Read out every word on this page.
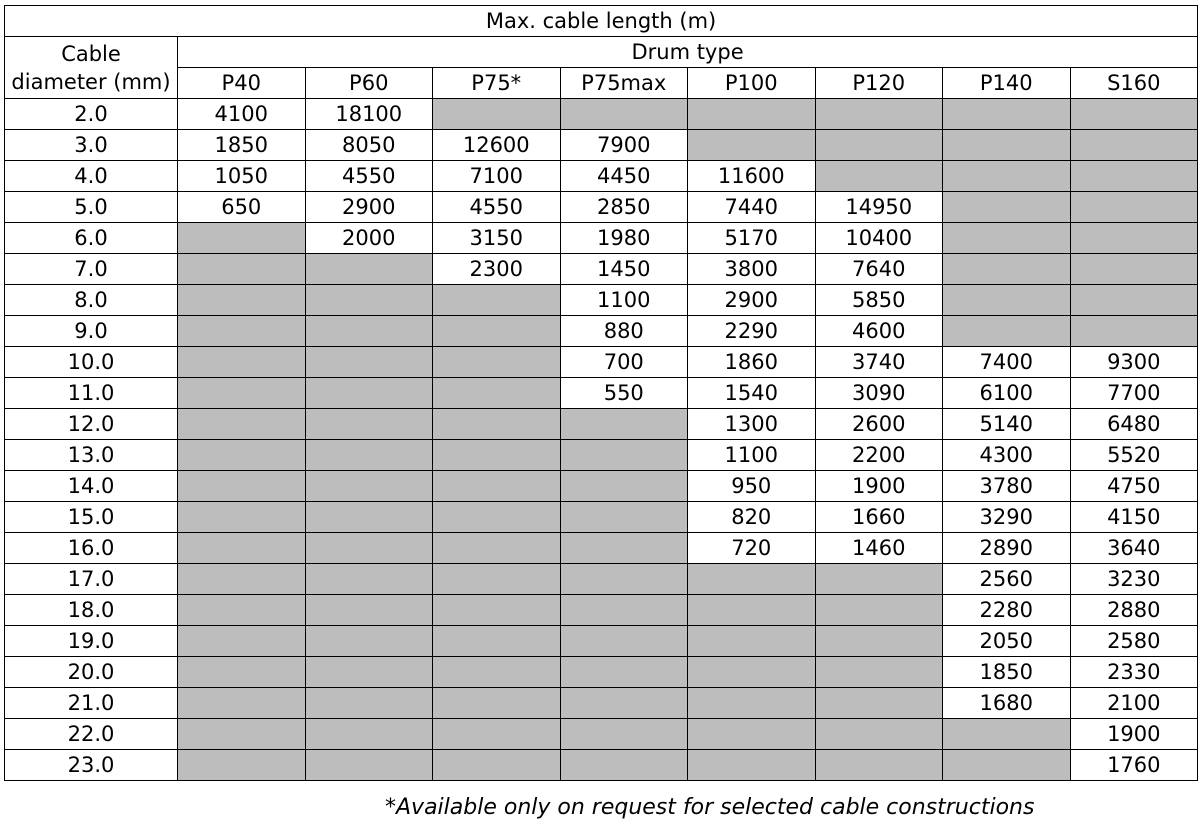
Max. cable length (m)								

Cable
diameter (mm)	Drum type							
	P40	P60	P75*	P75max	P100	P120	P140	S160
2.0	4100	18100						
3.0	1850	8050	12600	7900				
4.0	1050	4550	7100	4450	11600			
5.0	650	2900	4550	2850	7440	14950		
6.0		2000	3150	1980	5170	10400		
7.0			2300	1450	3800	7640		
8.0				1100	2900	5850		
9.0				880	2290	4600		
10.0				700	1860	3740	7400	9300
11.0				550	1540	3090	6100	7700
12.0					1300	2600	5140	6480
13.0					1100	2200	4300	5520
14.0					950	1900	3780	4750
15.0					820	1660	3290	4150
16.0					720	1460	2890	3640
17.0							2560	3230
18.0							2280	2880
19.0							2050	2580
20.0							1850	2330
21.0							1680	2100
22.0								1900
23.0								1760
*Available only on request for selected cable constructions
